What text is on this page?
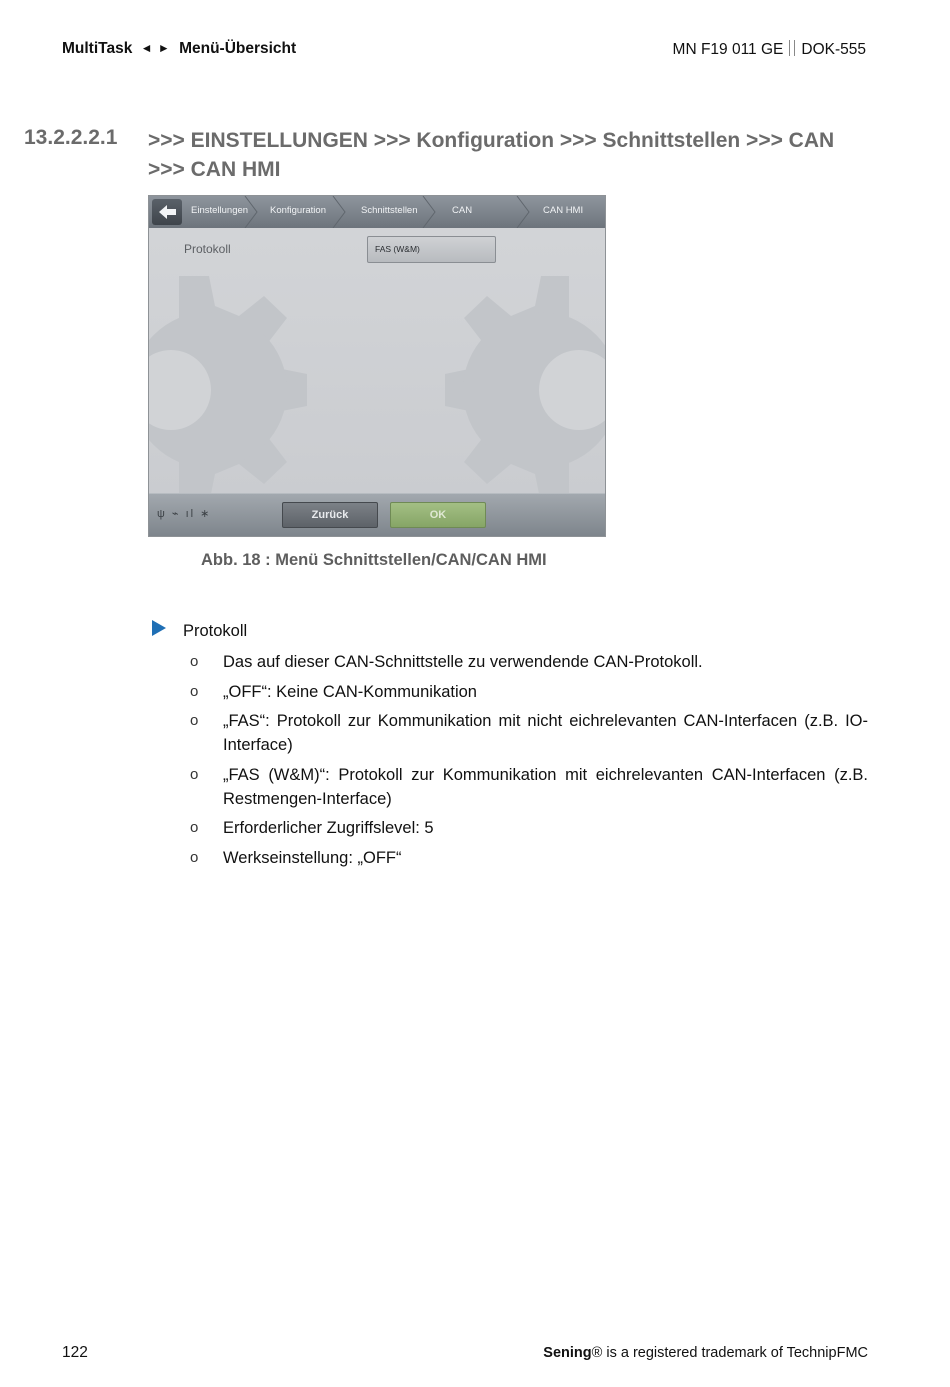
MultiTask ◄ ► Menü-Übersicht	MN F19 011 GE DOK-555
13.2.2.2.1 >>> EINSTELLUNGEN >>> Konfiguration >>> Schnittstellen >>> CAN
>>> CAN HMI
Einstellungen Konfiguration	Schnittstellen	CAN	CAN HMI
Protokoll	FAS (W&M)
ψ ⌁ ıl ∗	Zurück	OK
Abb. 18 : Menü Schnittstellen/CAN/CAN HMI
Protokoll
o Das auf dieser CAN-Schnittstelle zu verwendende CAN-Protokoll.
o „OFF“: Keine CAN-Kommunikation
o „FAS“: Protokoll zur Kommunikation mit nicht eichrelevanten CAN-Interfacen (z.B. IO-Interface)
o „FAS (W&M)“: Protokoll zur Kommunikation mit eichrelevanten CAN-Interfacen (z.B. Restmengen-Interface)
o Erforderlicher Zugriffslevel: 5
o Werkseinstellung: „OFF“
122	Sening® is a registered trademark of TechnipFMC
